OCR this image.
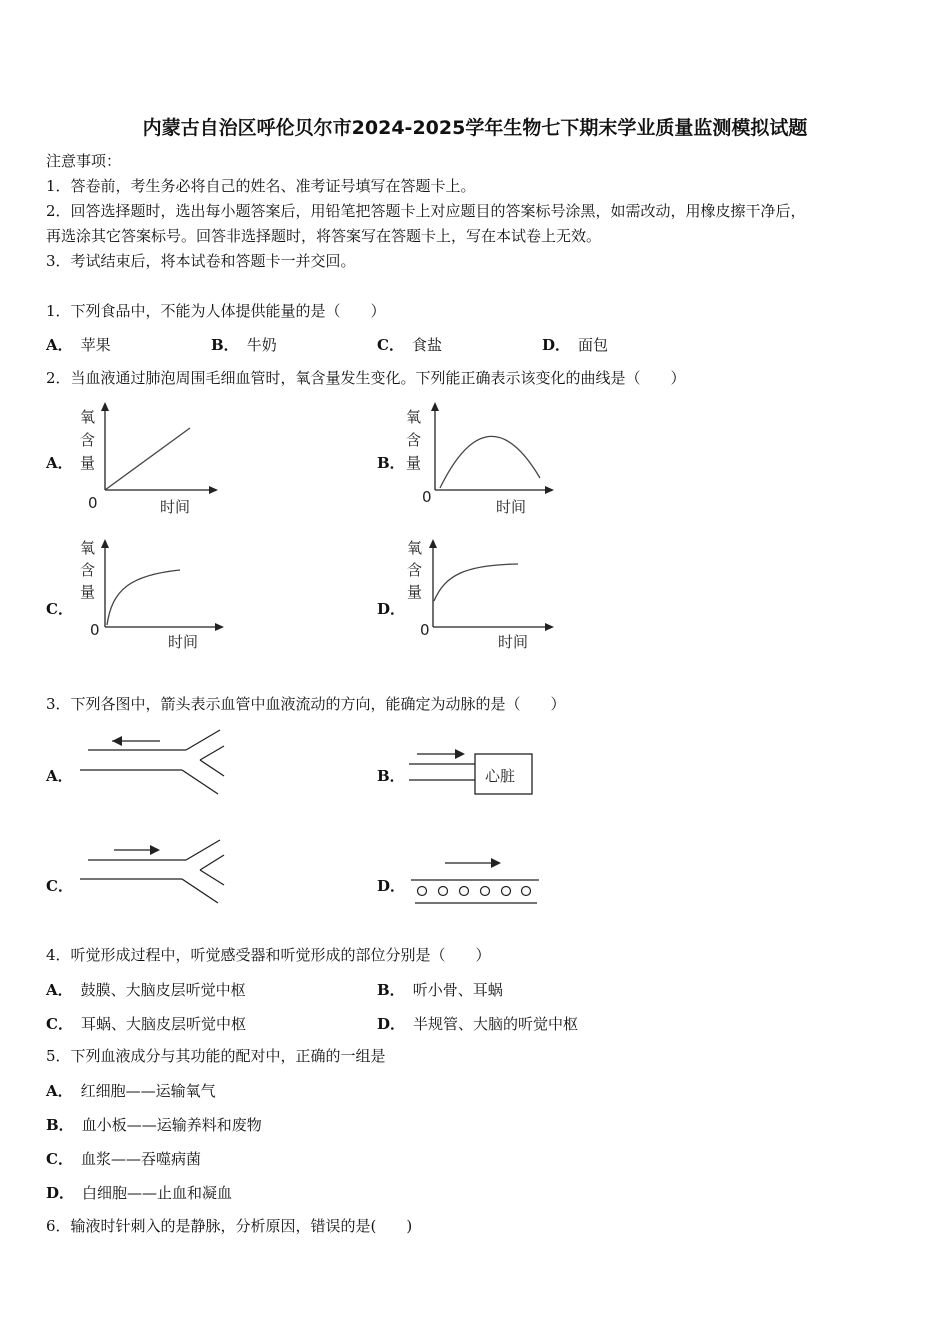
内蒙古自治区呼伦贝尔市2024-2025学年生物七下期末学业质量监测模拟试题
注意事项：
1．答卷前，考生务必将自己的姓名、准考证号填写在答题卡上。
2．回答选择题时，选出每小题答案后，用铅笔把答题卡上对应题目的答案标号涂黑，如需改动，用橡皮擦干净后，
再选涂其它答案标号。回答非选择题时，将答案写在答题卡上，写在本试卷上无效。
3．考试结束后，将本试卷和答题卡一并交回。
1．下列食品中，不能为人体提供能量的是（　　）
A． 苹果	B． 牛奶	C． 食盐	D． 面包
2．当血液通过肺泡周围毛细血管时，氧含量发生变化。下列能正确表示该变化的曲线是（　　）
A．
氧
含
量
0	时间
B．
氧
含
量
0
时间
C．
氧
含
量
0
时间
D．
氧
含
量
0
时间
3．下列各图中，箭头表示血管中血液流动的方向，能确定为动脉的是（　　）
A．	B．	心脏
C．	D．
4．听觉形成过程中，听觉感受器和听觉形成的部位分别是（　　）
A． 鼓膜、大脑皮层听觉中枢	B． 听小骨、耳蜗
C． 耳蜗、大脑皮层听觉中枢	D． 半规管、大脑的听觉中枢
5．下列血液成分与其功能的配对中，正确的一组是
A． 红细胞——运输氧气
B． 血小板——运输养料和废物
C． 血浆——吞噬病菌
D． 白细胞——止血和凝血
6．输液时针刺入的是静脉，分析原因，错误的是(　　)
